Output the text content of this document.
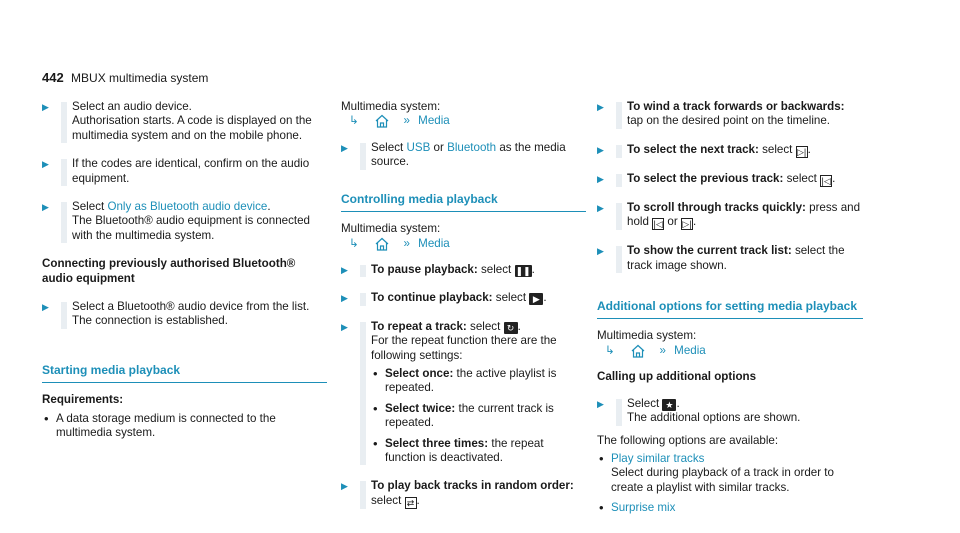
442 MBUX multimedia system
▶

Select an audio device.

Authorisation starts. A code is displayed on the multimedia system and on the mobile phone.

▶

If the codes are identical, confirm on the audio equipment.

▶

Select Only as Bluetooth audio device.

The Bluetooth® audio equipment is connected with the multimedia system.

Connecting previously authorised Bluetooth® audio equipment

▶

Select a Bluetooth® audio device from the list.

The connection is established.

Starting media playback

Requirements:

• A data storage medium is connected to the multimedia system.

Multimedia system:

↳	» Media

▶

Select USB or Bluetooth as the media source.

Controlling media playback

Multimedia system:

↳	» Media

▶

To pause playback: select ❚❚.

▶

To continue playback: select ▶ .

▶

To repeat a track: select ↻ .

For the repeat function there are the following settings:

• Select once: the active playlist is repeated.
• Select twice: the current track is repeated.
• Select three times: the repeat function is deactivated.
▶

To play back tracks in random order:
select ⇄ .

▶

To wind a track forwards or backwards:
tap on the desired point on the timeline.

▶

To select the next track: select ▷|.

▶

To select the previous track: select |◁.

▶

To scroll through tracks quickly: press and hold |◁ or ▷|.

▶

To show the current track list: select the track image shown.

Additional options for setting media playback

Multimedia system:

↳	» Media

Calling up additional options

▶

Select ★ .

The additional options are shown.

The following options are available:

• Play similar tracks
Select during playback of a track in order to create a playlist with similar tracks.
• Surprise mix
